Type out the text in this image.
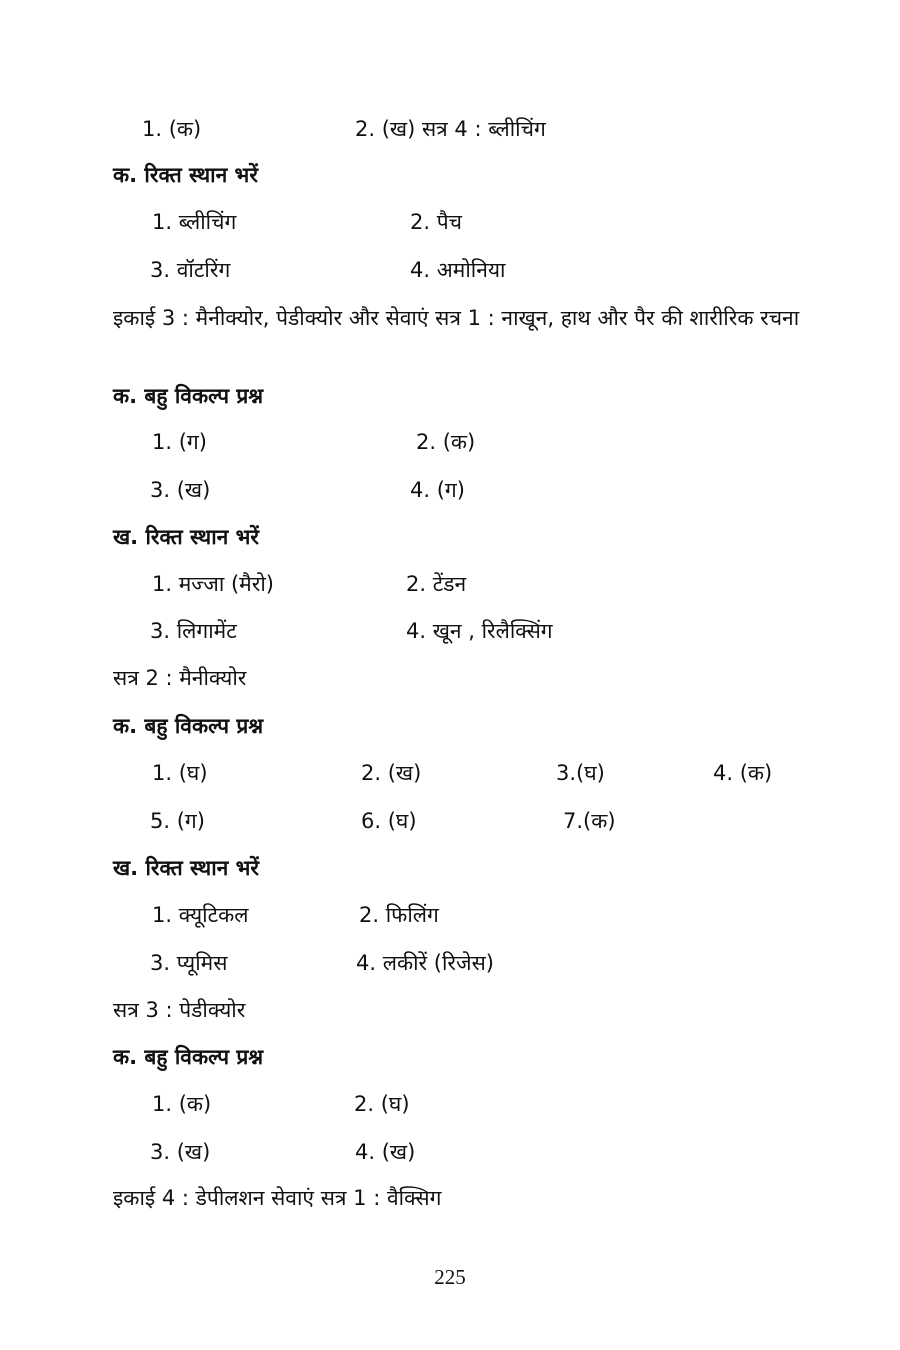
1. (क)	2. (ख) सत्र 4 : ब्लीचिंग
क. रिक्त स्थान भरें
1. ब्लीचिंग	2. पैच
3. वॉटरिंग	4. अमोनिया
इकाई 3 : मैनीक्योर, पेडीक्योर और सेवाएं सत्र 1 : नाखून, हाथ और पैर की शारीरिक रचना
क. बहु विकल्प प्रश्न
1. (ग)	2. (क)
3. (ख)	4. (ग)
ख. रिक्त स्थान भरें
1. मज्जा (मैरो)	2. टेंडन
3. लिगामेंट	4. खून , रिलैक्सिंग
सत्र 2 : मैनीक्योर
क. बहु विकल्प प्रश्न
1. (घ)	2. (ख)	3.(घ)	4. (क)
5. (ग)	6. (घ)	7.(क)
ख. रिक्त स्थान भरें
1. क्यूटिकल	2. फिलिंग
3. प्यूमिस	4. लकीरें (रिजेस)
सत्र 3 : पेडीक्योर
क. बहु विकल्प प्रश्न
1. (क)	2. (घ)
3. (ख)	4. (ख)
इकाई 4 : डेपीलशन सेवाएं सत्र 1 : वैक्सिग
225
